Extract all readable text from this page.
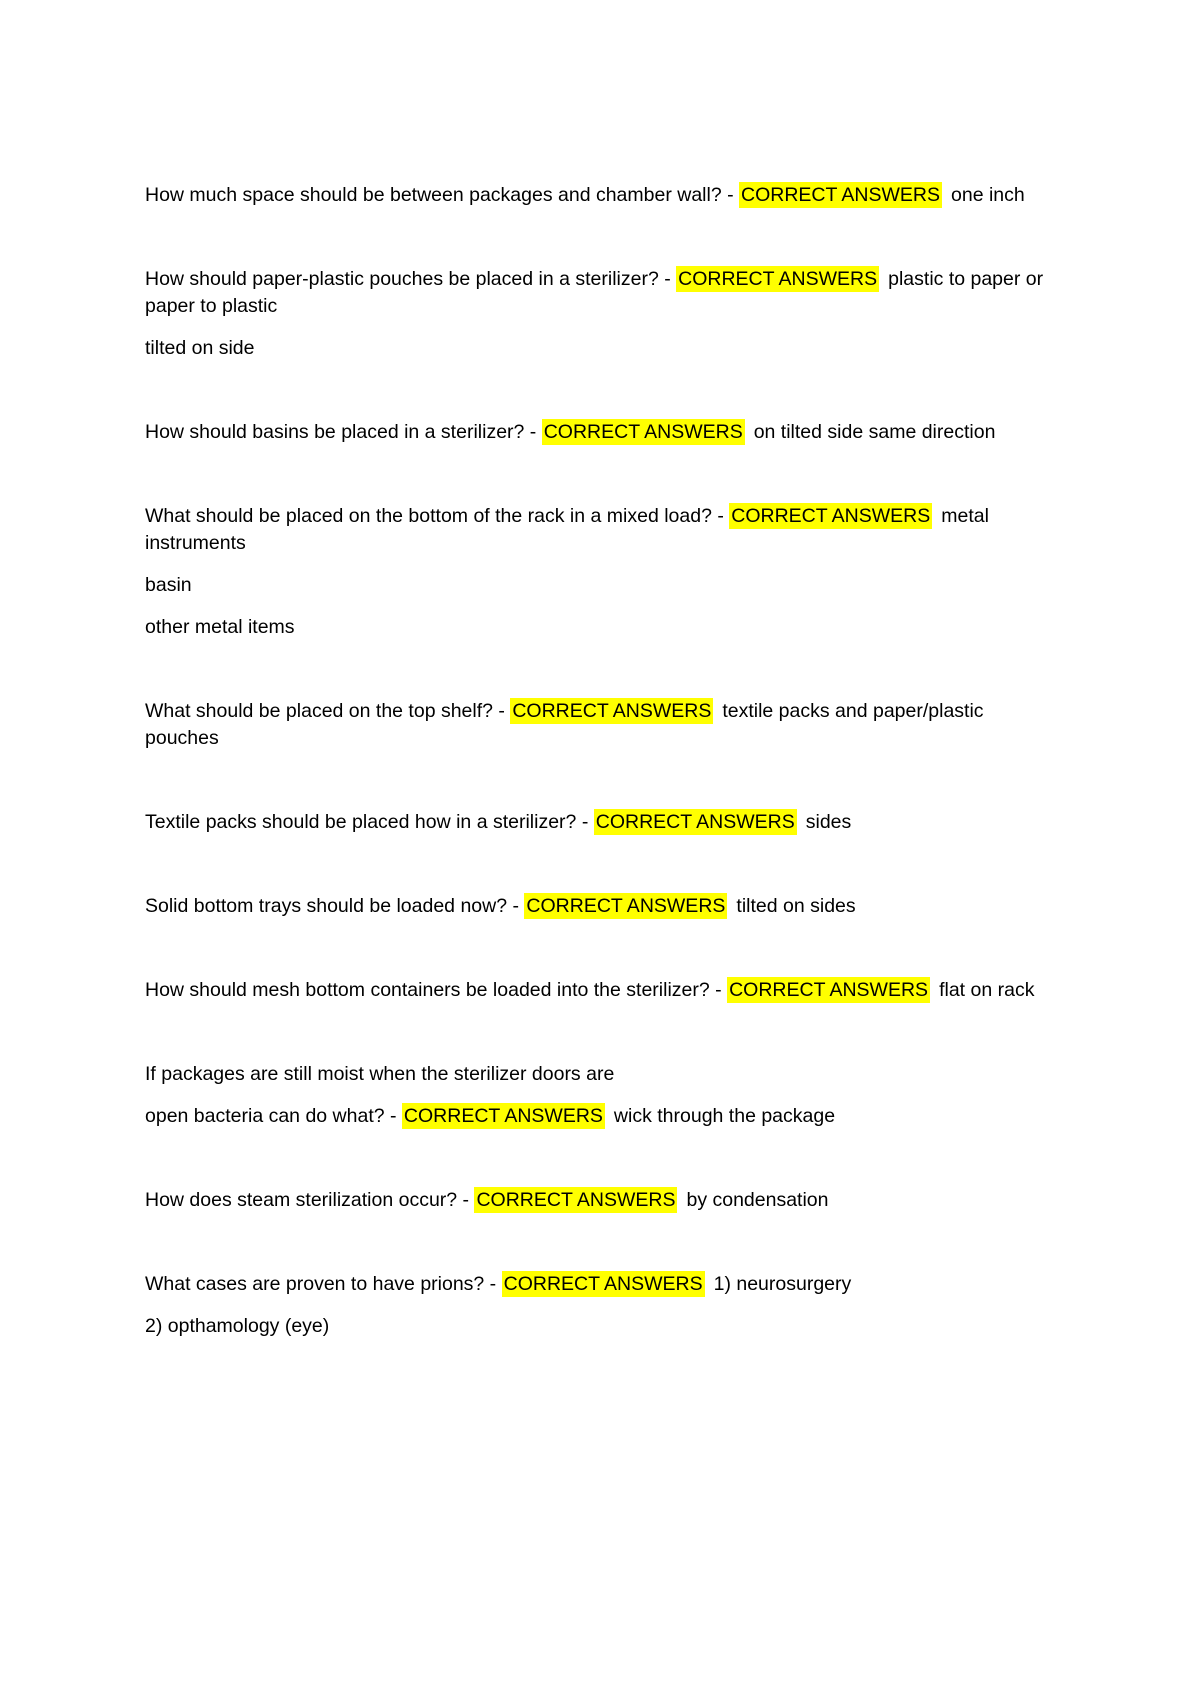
How much space should be between packages and chamber wall? - CORRECT ANSWERS one inch
How should paper-plastic pouches be placed in a sterilizer? - CORRECT ANSWERS plastic to paper or
paper to plastic
tilted on side
How should basins be placed in a sterilizer? - CORRECT ANSWERS on tilted side same direction
What should be placed on the bottom of the rack in a mixed load? - CORRECT ANSWERS metal
instruments
basin
other metal items
What should be placed on the top shelf? - CORRECT ANSWERS textile packs and paper/plastic
pouches
Textile packs should be placed how in a sterilizer? - CORRECT ANSWERS sides
Solid bottom trays should be loaded now? - CORRECT ANSWERS tilted on sides
How should mesh bottom containers be loaded into the sterilizer? - CORRECT ANSWERS flat on rack
If packages are still moist when the sterilizer doors are
open bacteria can do what? - CORRECT ANSWERS wick through the package
How does steam sterilization occur? - CORRECT ANSWERS by condensation
What cases are proven to have prions? - CORRECT ANSWERS 1) neurosurgery
2) opthamology (eye)
